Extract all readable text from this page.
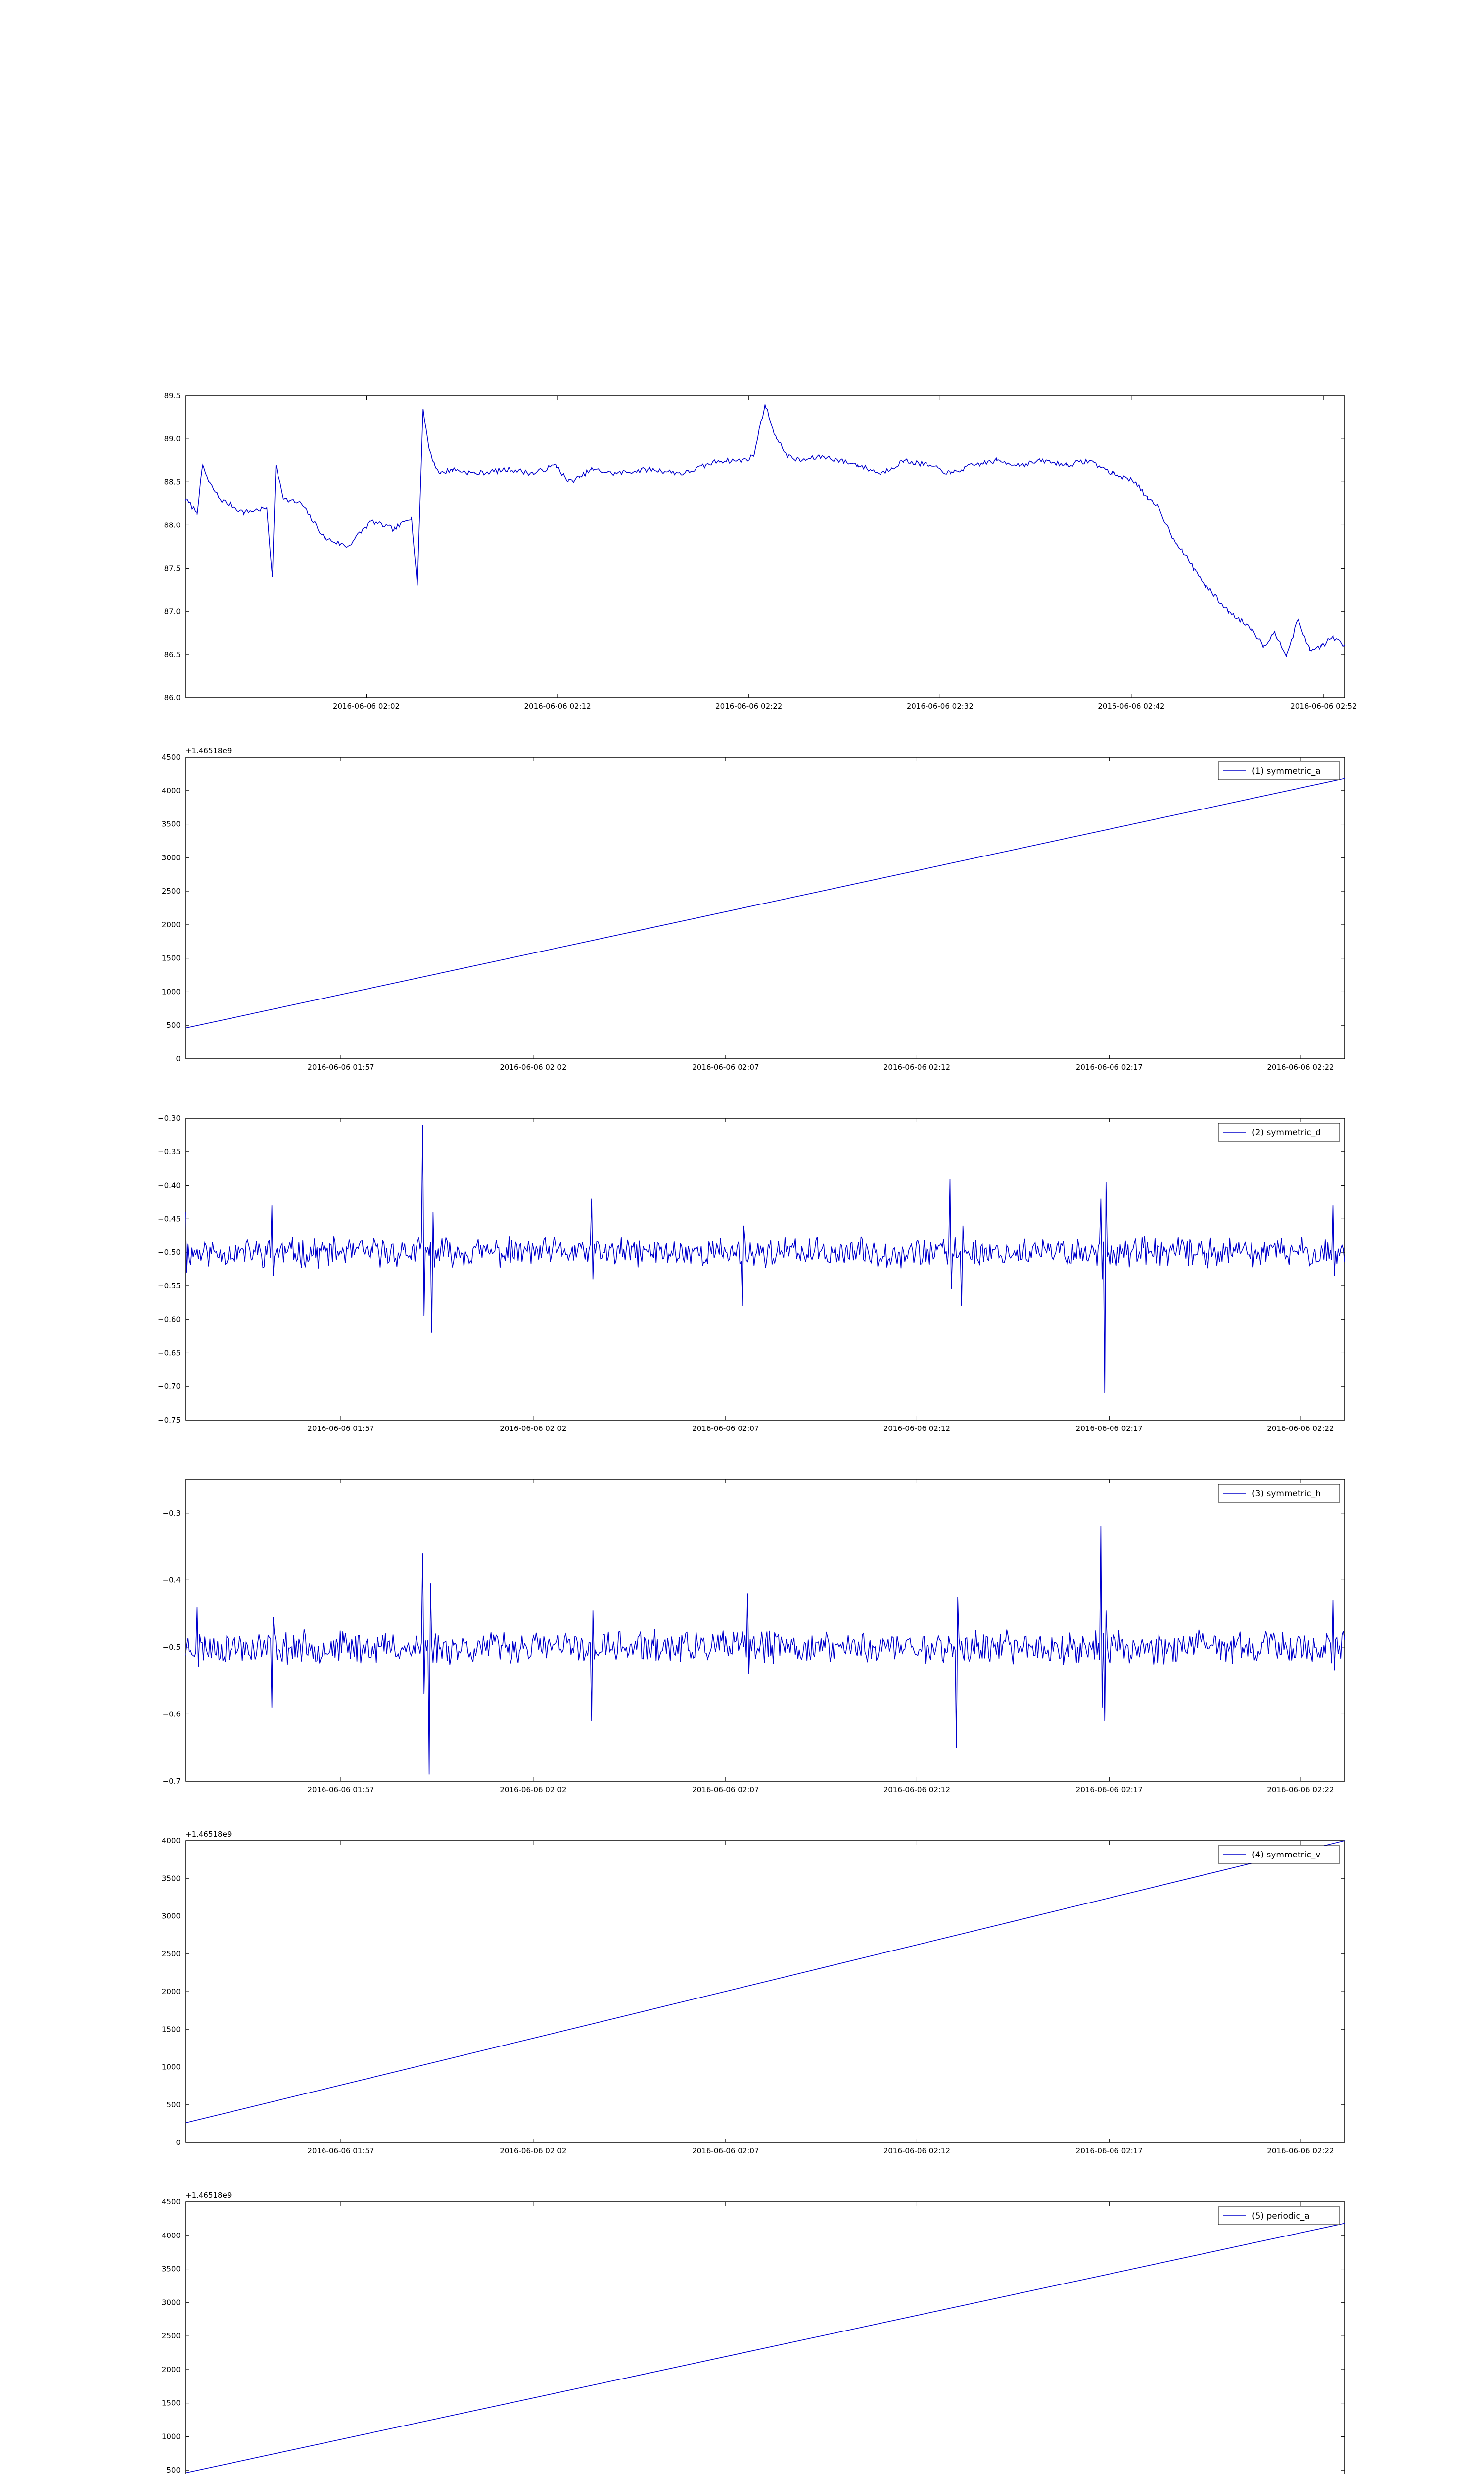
86.0
86.5
87.0
87.5
88.0
88.5
89.0
89.5
2016-06-06 02:02	2016-06-06 02:12	2016-06-06 02:22	2016-06-06 02:32	2016-06-06 02:42	2016-06-06 02:52
0
500
1000
1500
2000
2500
3000
3500
4000
4500
2016-06-06 01:57	2016-06-06 02:02	2016-06-06 02:07	2016-06-06 02:12	2016-06-06 02:17	2016-06-06 02:22
+1.46518e9
(1) symmetric_a
−0.75
−0.70
−0.65
−0.60
−0.55
−0.50
−0.45
−0.40
−0.35
−0.30
2016-06-06 01:57	2016-06-06 02:02	2016-06-06 02:07	2016-06-06 02:12	2016-06-06 02:17	2016-06-06 02:22
(2) symmetric_d
−0.7
−0.6
−0.5
−0.4
−0.3
2016-06-06 01:57	2016-06-06 02:02	2016-06-06 02:07	2016-06-06 02:12	2016-06-06 02:17	2016-06-06 02:22
(3) symmetric_h
0
500
1000
1500
2000
2500
3000
3500
4000
2016-06-06 01:57	2016-06-06 02:02	2016-06-06 02:07	2016-06-06 02:12	2016-06-06 02:17	2016-06-06 02:22
+1.46518e9
(4) symmetric_v
500
1000
1500
2000
2500
3000
3500
4000
4500
+1.46518e9
(5) periodic_a
